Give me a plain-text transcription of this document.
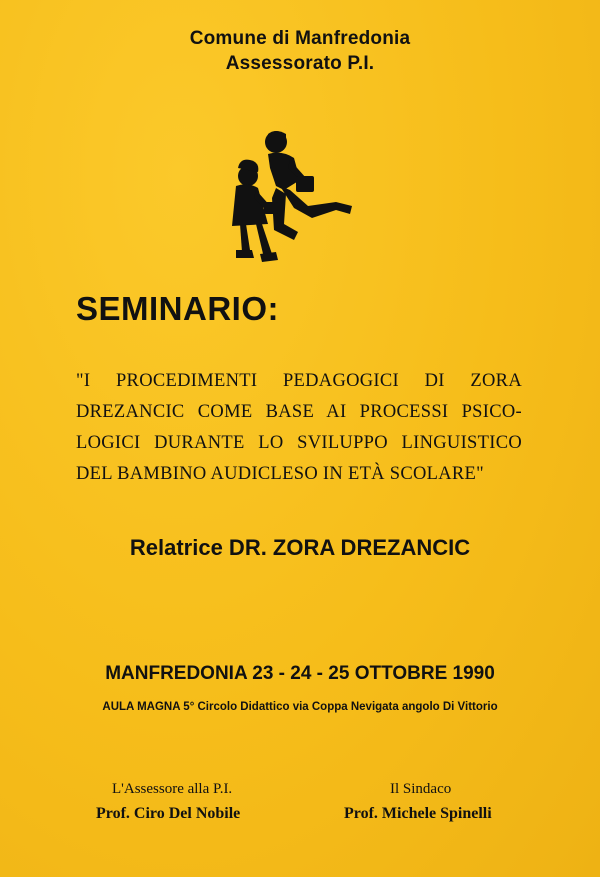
Comune di Manfredonia
Assessorato P.I.
SEMINARIO:
"I PROCEDIMENTI PEDAGOGICI DI ZORA
DREZANCIC COME BASE AI PROCESSI PSICO-
LOGICI DURANTE LO SVILUPPO LINGUISTICO
DEL BAMBINO AUDICLESO IN ETÀ SCOLARE"
Relatrice DR. ZORA DREZANCIC
MANFREDONIA 23 - 24 - 25 OTTOBRE 1990
AULA MAGNA 5° Circolo Didattico via Coppa Nevigata angolo Di Vittorio
L'Assessore alla P.I.
Prof. Ciro Del Nobile
Il Sindaco
Prof. Michele Spinelli
